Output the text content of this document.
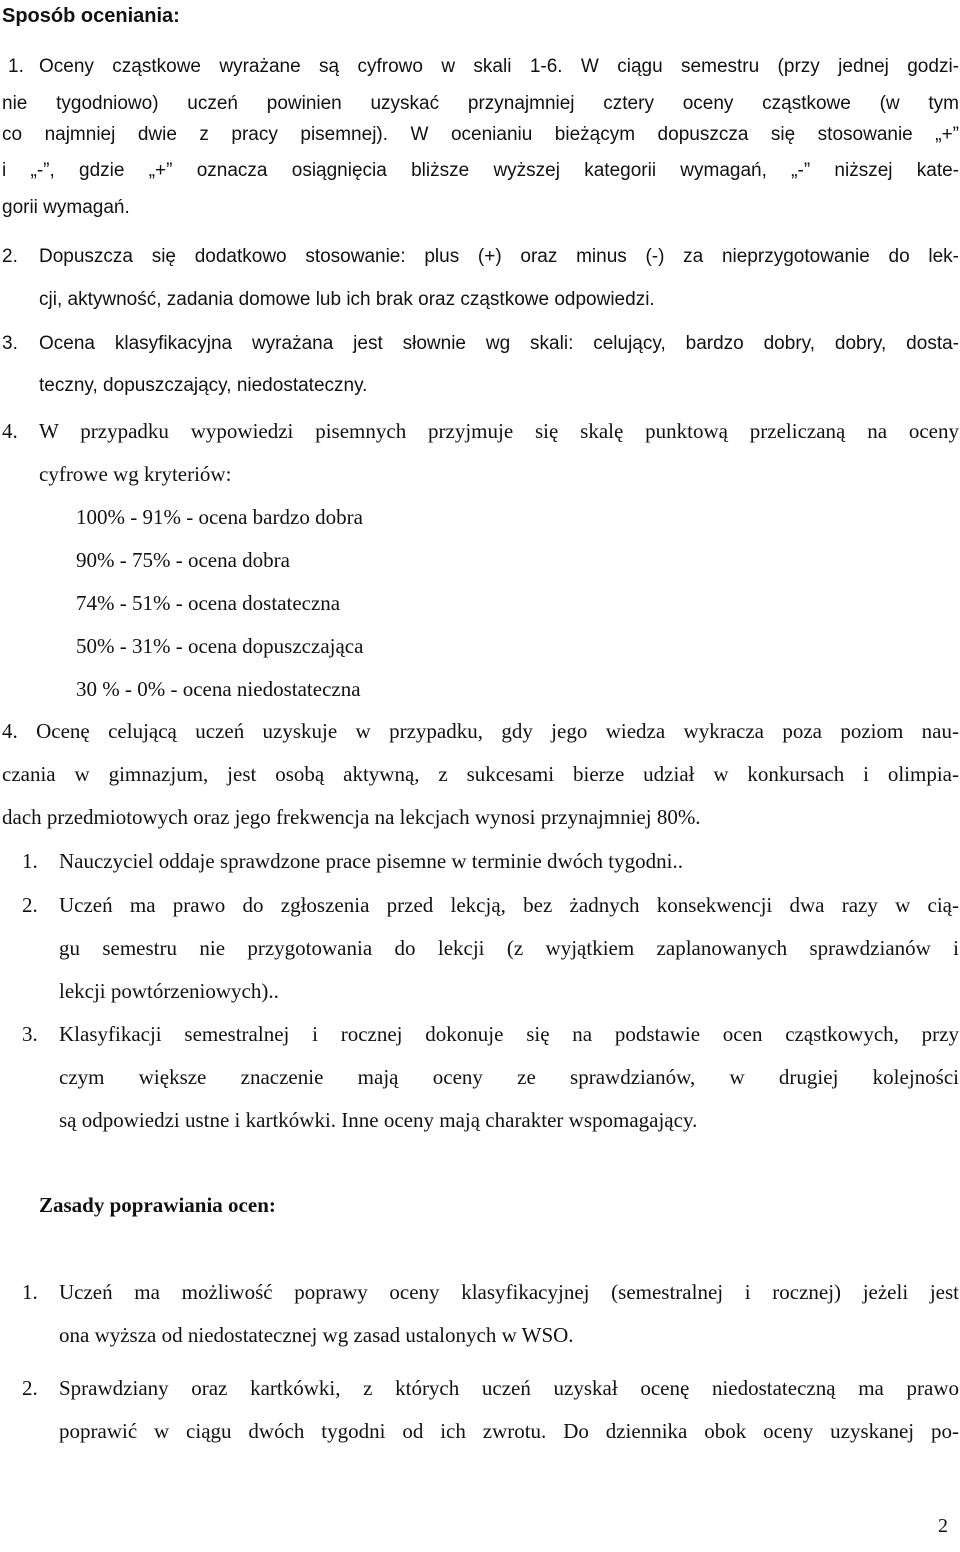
Sposób oceniania:
1. Oceny cząstkowe wyrażane są cyfrowo w skali 1-6. W ciągu semestru (przy jednej godzi-
nie tygodniowo) uczeń powinien uzyskać przynajmniej cztery oceny cząstkowe (w tym
co najmniej dwie z pracy pisemnej). W ocenianiu bieżącym dopuszcza się stosowanie „+”
i „-”, gdzie „+” oznacza osiągnięcia bliższe wyższej kategorii wymagań, „-” niższej kate-
gorii wymagań.
2. Dopuszcza się dodatkowo stosowanie: plus (+) oraz minus (-) za nieprzygotowanie do lek-
cji, aktywność, zadania domowe lub ich brak oraz cząstkowe odpowiedzi.
3. Ocena klasyfikacyjna wyrażana jest słownie wg skali: celujący, bardzo dobry, dobry, dosta-
teczny, dopuszczający, niedostateczny.
4. W przypadku wypowiedzi pisemnych przyjmuje się skalę punktową przeliczaną na oceny
cyfrowe wg kryteriów:
100% - 91% - ocena bardzo dobra
90% - 75% - ocena dobra
74% - 51% - ocena dostateczna
50% - 31% - ocena dopuszczająca
30 % - 0% - ocena niedostateczna
4. Ocenę celującą uczeń uzyskuje w przypadku, gdy jego wiedza wykracza poza poziom nau-
czania w gimnazjum, jest osobą aktywną, z sukcesami bierze udział w konkursach i olimpia-
dach przedmiotowych oraz jego frekwencja na lekcjach wynosi przynajmniej 80%.
1. Nauczyciel oddaje sprawdzone prace pisemne w terminie dwóch tygodni..
2. Uczeń ma prawo do zgłoszenia przed lekcją, bez żadnych konsekwencji dwa razy w cią-
gu semestru nie przygotowania do lekcji (z wyjątkiem zaplanowanych sprawdzianów i
lekcji powtórzeniowych)..
3. Klasyfikacji semestralnej i rocznej dokonuje się na podstawie ocen cząstkowych, przy
czym większe znaczenie mają oceny ze sprawdzianów, w drugiej kolejności
są odpowiedzi ustne i kartkówki. Inne oceny mają charakter wspomagający.
Zasady poprawiania ocen:
1. Uczeń ma możliwość poprawy oceny klasyfikacyjnej (semestralnej i rocznej) jeżeli jest
ona wyższa od niedostatecznej wg zasad ustalonych w WSO.
2. Sprawdziany oraz kartkówki, z których uczeń uzyskał ocenę niedostateczną ma prawo
poprawić w ciągu dwóch tygodni od ich zwrotu. Do dziennika obok oceny uzyskanej po-
2
